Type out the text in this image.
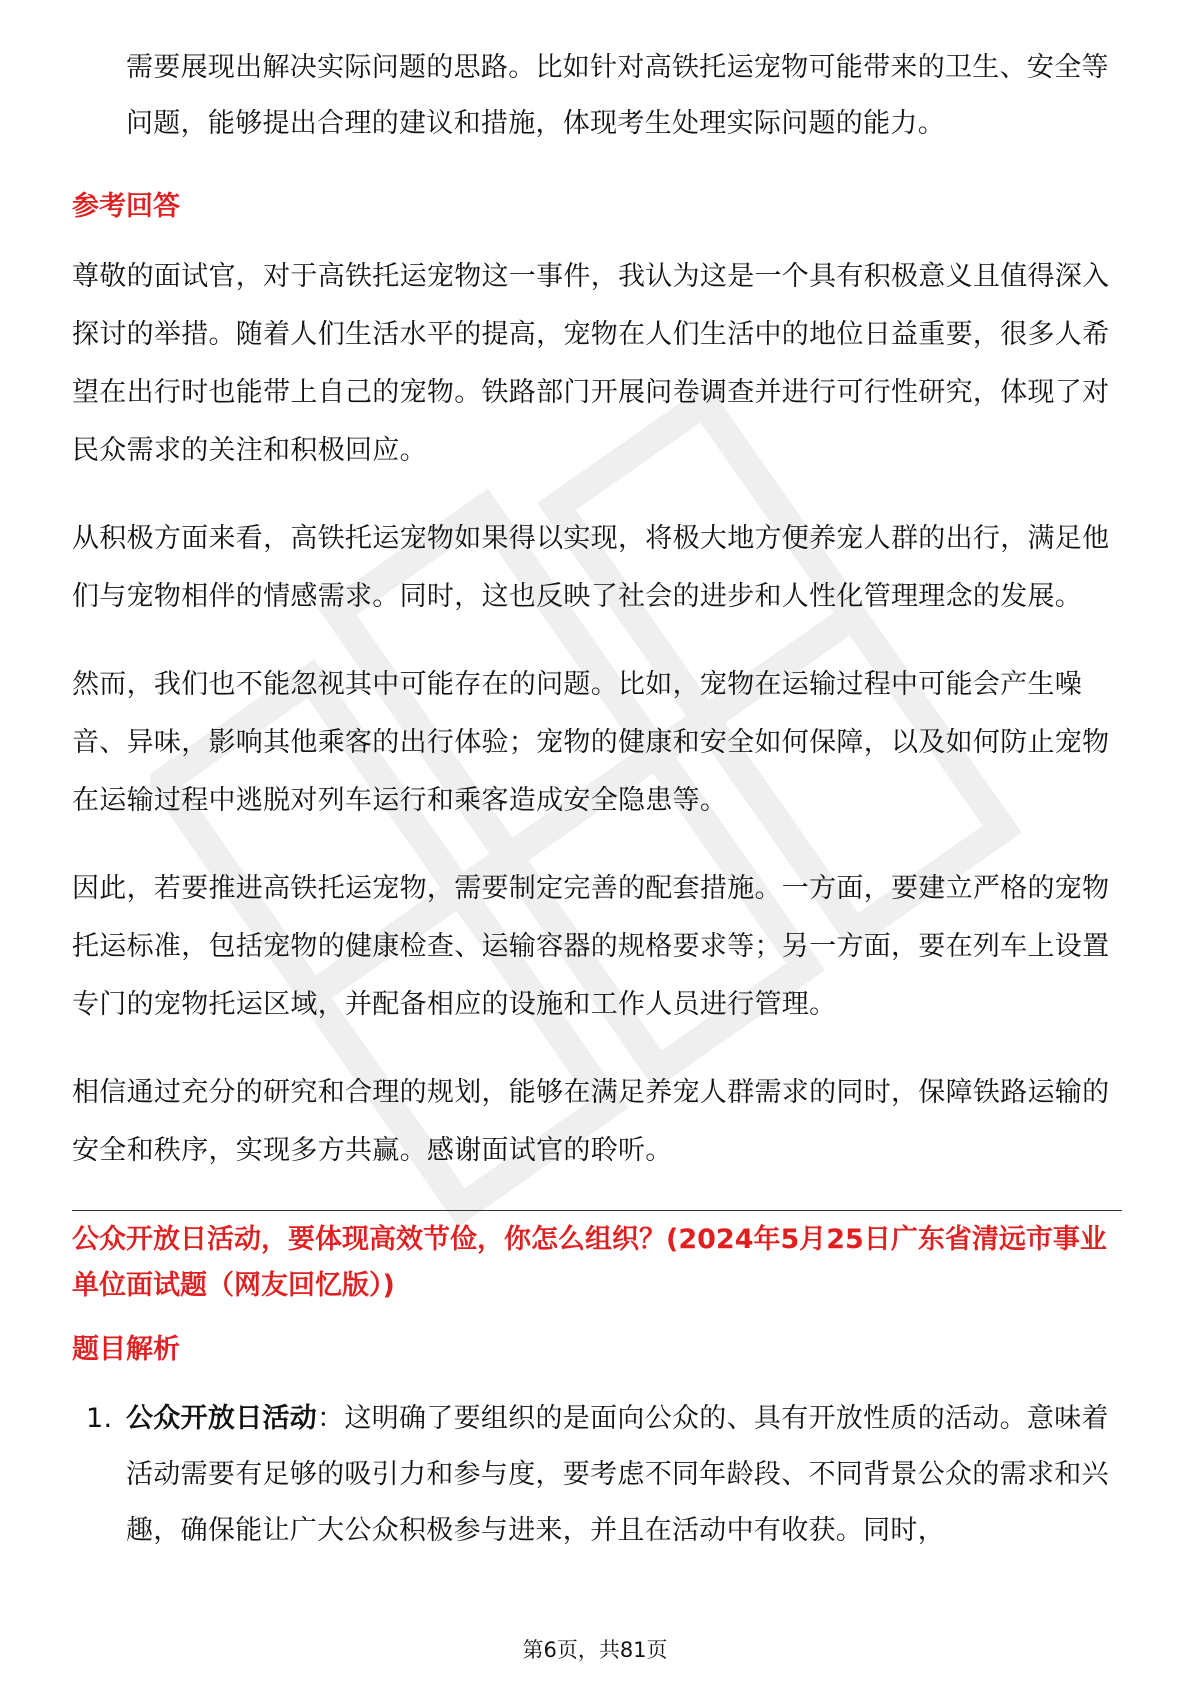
需要展现出解决实际问题的思路。比如针对高铁托运宠物可能带来的卫生、安全等问题，能够提出合理的建议和措施，体现考生处理实际问题的能力。

参考回答

尊敬的面试官，对于高铁托运宠物这一事件，我认为这是一个具有积极意义且值得深入探讨的举措。随着人们生活水平的提高，宠物在人们生活中的地位日益重要，很多人希望在出行时也能带上自己的宠物。铁路部门开展问卷调查并进行可行性研究，体现了对民众需求的关注和积极回应。

从积极方面来看，高铁托运宠物如果得以实现，将极大地方便养宠人群的出行，满足他们与宠物相伴的情感需求。同时，这也反映了社会的进步和人性化管理理念的发展。

然而，我们也不能忽视其中可能存在的问题。比如，宠物在运输过程中可能会产生噪音、异味，影响其他乘客的出行体验；宠物的健康和安全如何保障，以及如何防止宠物在运输过程中逃脱对列车运行和乘客造成安全隐患等。

因此，若要推进高铁托运宠物，需要制定完善的配套措施。一方面，要建立严格的宠物托运标准，包括宠物的健康检查、运输容器的规格要求等；另一方面，要在列车上设置专门的宠物托运区域，并配备相应的设施和工作人员进行管理。

相信通过充分的研究和合理的规划，能够在满足养宠人群需求的同时，保障铁路运输的安全和秩序，实现多方共赢。感谢面试官的聆听。

公众开放日活动，要体现高效节俭，你怎么组织？(2024年5月25日广东省清远市事业单位面试题（网友回忆版）)

题目解析

1. 公众开放日活动：这明确了要组织的是面向公众的、具有开放性质的活动。意味着活动需要有足够的吸引力和参与度，要考虑不同年龄段、不同背景公众的需求和兴趣，确保能让广大公众积极参与进来，并且在活动中有收获。同时，
第6页，共81页
